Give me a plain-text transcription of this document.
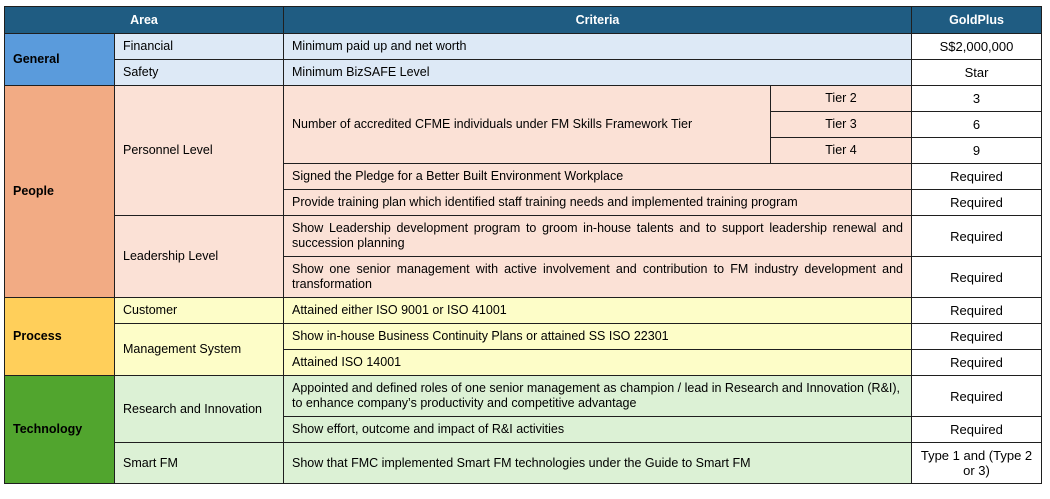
Area		Criteria		GoldPlus
General	Financial	Minimum paid up and net worth		S$2,000,000
	Safety	Minimum BizSAFE Level		Star
People	Personnel Level	Number of accredited CFME individuals under FM Skills Framework Tier	Tier 2	3
			Tier 3	6
			Tier 4	9
		Signed the Pledge for a Better Built Environment Workplace		Required
		Provide training plan which identified staff training needs and implemented training program		Required
	Leadership Level	Show Leadership development program to groom in-house talents and to support leadership renewal and succession planning		Required
		Show one senior management with active involvement and contribution to FM industry development and transformation		Required
Process	Customer	Attained either ISO 9001 or ISO 41001		Required
	Management System	Show in-house Business Continuity Plans or attained SS ISO 22301		Required
		Attained ISO 14001		Required
Technology	Research and Innovation	Appointed and defined roles of one senior management as champion / lead in Research and Innovation (R&I), to enhance company’s productivity and competitive advantage		Required
		Show effort, outcome and impact of R&I activities		Required
	Smart FM	Show that FMC implemented Smart FM technologies under the Guide to Smart FM		Type 1 and (Type 2 or 3)
